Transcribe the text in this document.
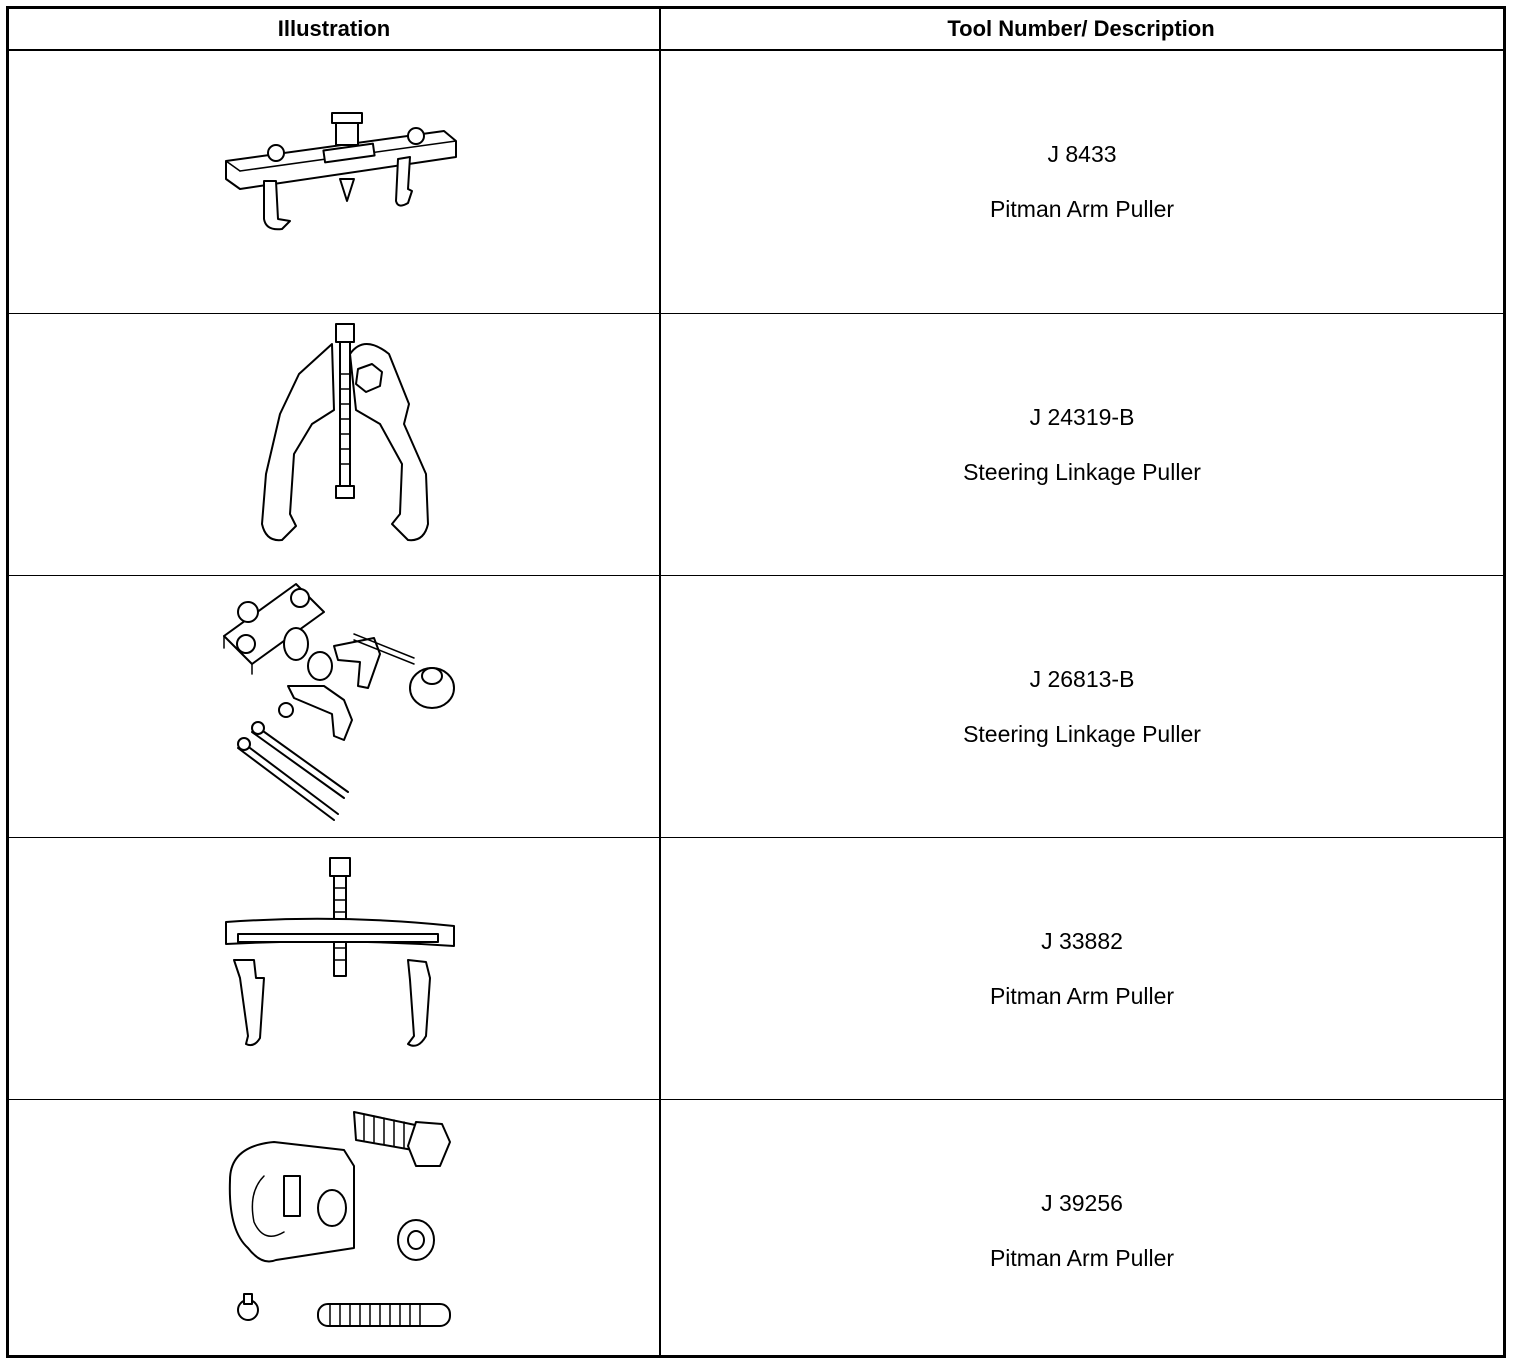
Illustration	Tool Number/ Description
J 8433
Pitman Arm Puller
J 24319-B
Steering Linkage Puller
J 26813-B
Steering Linkage Puller
J 33882
Pitman Arm Puller
J 39256
Pitman Arm Puller
